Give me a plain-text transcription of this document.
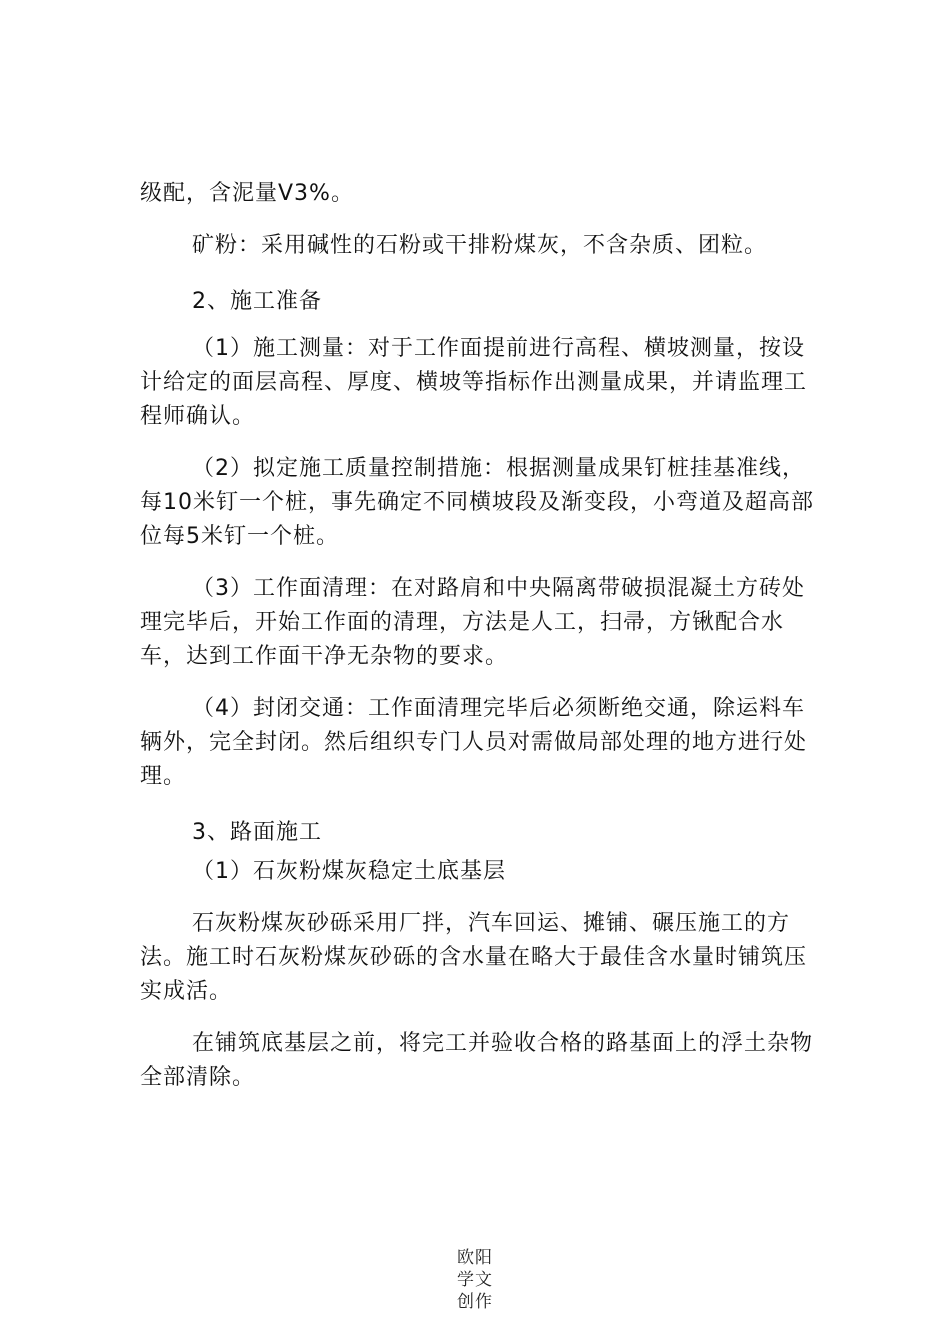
级配，含泥量V3%。

矿粉：采用碱性的石粉或干排粉煤灰，不含杂质、团粒。

2、施工准备

（1）施工测量：对于工作面提前进行高程、横坡测量，按设计给定的面层高程、厚度、横坡等指标作出测量成果，并请监理工程师确认。

（2）拟定施工质量控制措施：根据测量成果钉桩挂基准线，每10米钉一个桩，事先确定不同横坡段及渐变段，小弯道及超高部位每5米钉一个桩。

（3）工作面清理：在对路肩和中央隔离带破损混凝土方砖处理完毕后，开始工作面的清理，方法是人工，扫帚，方锹配合水车，达到工作面干净无杂物的要求。

（4）封闭交通：工作面清理完毕后必须断绝交通，除运料车辆外，完全封闭。然后组织专门人员对需做局部处理的地方进行处理。

3、路面施工

（1）石灰粉煤灰稳定土底基层

石灰粉煤灰砂砾采用厂拌，汽车回运、摊铺、碾压施工的方法。施工时石灰粉煤灰砂砾的含水量在略大于最佳含水量时铺筑压实成活。

在铺筑底基层之前，将完工并验收合格的路基面上的浮土杂物全部清除。

欧阳
学文
创作
